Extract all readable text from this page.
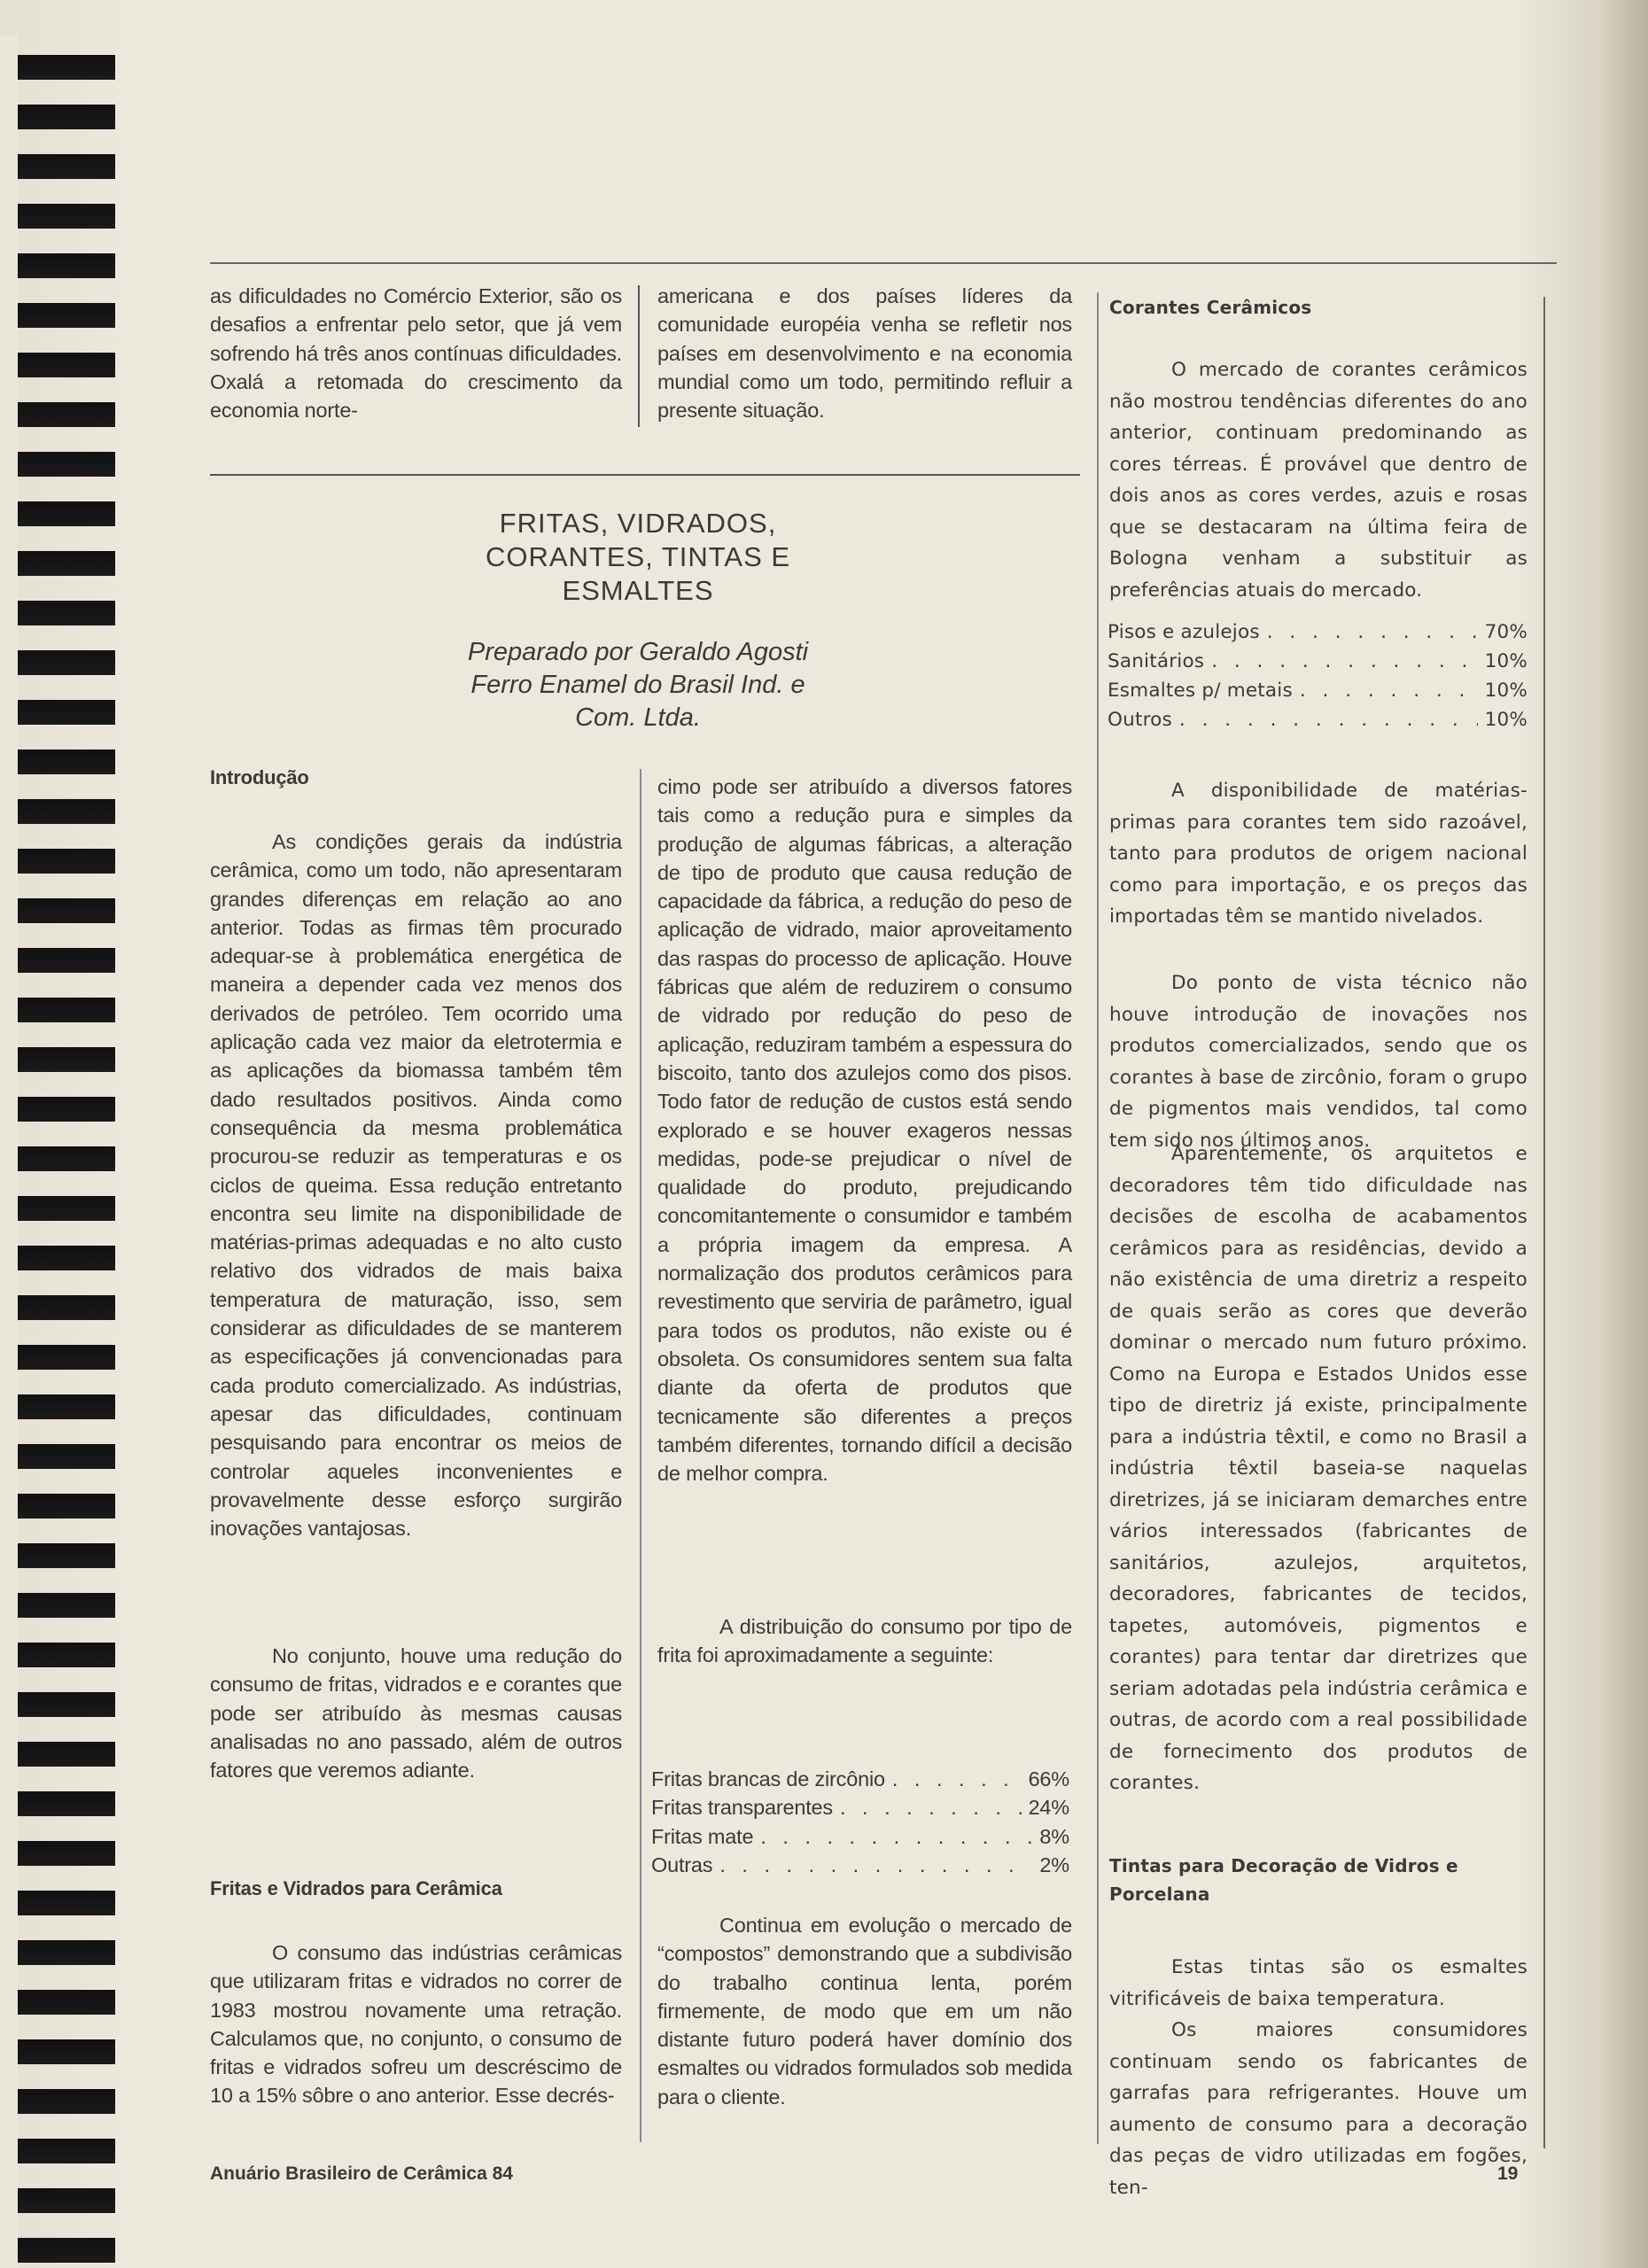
as dificuldades no Comércio Exterior, são os desafios a enfrentar pelo setor, que já vem sofrendo há três anos contínuas dificuldades. Oxalá a retomada do crescimento da economia norte-
americana e dos países líderes da comunidade européia venha se refletir nos países em desenvolvimento e na economia mundial como um todo, permitindo refluir a presente situação.
FRITAS, VIDRADOS,
CORANTES, TINTAS E
ESMALTES
Preparado por Geraldo Agosti
Ferro Enamel do Brasil Ind. e
Com. Ltda.
Introdução
As condições gerais da indústria cerâmica, como um todo, não apresentaram grandes diferenças em relação ao ano anterior. Todas as firmas têm procurado adequar-se à problemática energética de maneira a depender cada vez menos dos derivados de petróleo. Tem ocorrido uma aplicação cada vez maior da eletrotermia e as aplicações da biomassa também têm dado resultados positivos. Ainda como consequência da mesma problemática procurou-se reduzir as temperaturas e os ciclos de queima. Essa redução entretanto encontra seu limite na disponibilidade de matérias-primas adequadas e no alto custo relativo dos vidrados de mais baixa temperatura de maturação, isso, sem considerar as dificuldades de se manterem as especificações já convencionadas para cada produto comercializado. As indústrias, apesar das dificuldades, continuam pesquisando para encontrar os meios de controlar aqueles inconvenientes e provavelmente desse esforço surgirão inovações vantajosas.
No conjunto, houve uma redução do consumo de fritas, vidrados e e corantes que pode ser atribuído às mesmas causas analisadas no ano passado, além de outros fatores que veremos adiante.
Fritas e Vidrados para Cerâmica
O consumo das indústrias cerâmicas que utilizaram fritas e vidrados no correr de 1983 mostrou novamente uma retração. Calculamos que, no conjunto, o consumo de fritas e vidrados sofreu um descréscimo de 10 a 15% sôbre o ano anterior. Esse decrés-
cimo pode ser atribuído a diversos fatores tais como a redução pura e simples da produção de algumas fábricas, a alteração de tipo de produto que causa redução de capacidade da fábrica, a redução do peso de aplicação de vidrado, maior aproveitamento das raspas do processo de aplicação. Houve fábricas que além de reduzirem o consumo de vidrado por redução do peso de aplicação, reduziram também a espessura do biscoito, tanto dos azulejos como dos pisos. Todo fator de redução de custos está sendo explorado e se houver exageros nessas medidas, pode-se prejudicar o nível de qualidade do produto, prejudicando concomitantemente o consumidor e também a própria imagem da empresa. A normalização dos produtos cerâmicos para revestimento que serviria de parâmetro, igual para todos os produtos, não existe ou é obsoleta. Os consumidores sentem sua falta diante da oferta de produtos que tecnicamente são diferentes a preços também diferentes, tornando difícil a decisão de melhor compra.
A distribuição do consumo por tipo de frita foi aproximadamente a seguinte:
Fritas brancas de zircônio . . .	66%
Fritas transparentes . . .	24%
Fritas mate . . .	8%
Outras . . .	2%
Continua em evolução o mercado de “compostos” demonstrando que a subdivisão do trabalho continua lenta, porém firmemente, de modo que em um não distante futuro poderá haver domínio dos esmaltes ou vidrados formulados sob medida para o cliente.
Corantes Cerâmicos
O mercado de corantes cerâmicos não mostrou tendências diferentes do ano anterior, continuam predominando as cores térreas. É provável que dentro de dois anos as cores verdes, azuis e rosas que se destacaram na última feira de Bologna venham a substituir as preferências atuais do mercado.
Pisos e azulejos . . .	70%
Sanitários . . .	10%
Esmaltes p/ metais . . .	10%
Outros . . .	10%
A disponibilidade de matérias-primas para corantes tem sido razoável, tanto para produtos de origem nacional como para importação, e os preços das importadas têm se mantido nivelados.
Do ponto de vista técnico não houve introdução de inovações nos produtos comercializados, sendo que os corantes à base de zircônio, foram o grupo de pigmentos mais vendidos, tal como tem sido nos últimos anos.
Aparentemente, os arquitetos e decoradores têm tido dificuldade nas decisões de escolha de acabamentos cerâmicos para as residências, devido a não existência de uma diretriz a respeito de quais serão as cores que deverão dominar o mercado num futuro próximo. Como na Europa e Estados Unidos esse tipo de diretriz já existe, principalmente para a indústria têxtil, e como no Brasil a indústria têxtil baseia-se naquelas diretrizes, já se iniciaram demarches entre vários interessados (fabricantes de sanitários, azulejos, arquitetos, decoradores, fabricantes de tecidos, tapetes, automóveis, pigmentos e corantes) para tentar dar diretrizes que seriam adotadas pela indústria cerâmica e outras, de acordo com a real possibilidade de fornecimento dos produtos de corantes.
Tintas para Decoração de Vidros e Porcelana
Estas tintas são os esmaltes vitrificáveis de baixa temperatura.
Os maiores consumidores continuam sendo os fabricantes de garrafas para refrigerantes. Houve um aumento de consumo para a decoração das peças de vidro utilizadas em fogões, ten-
Anuário Brasileiro de Cerâmica 84	19
